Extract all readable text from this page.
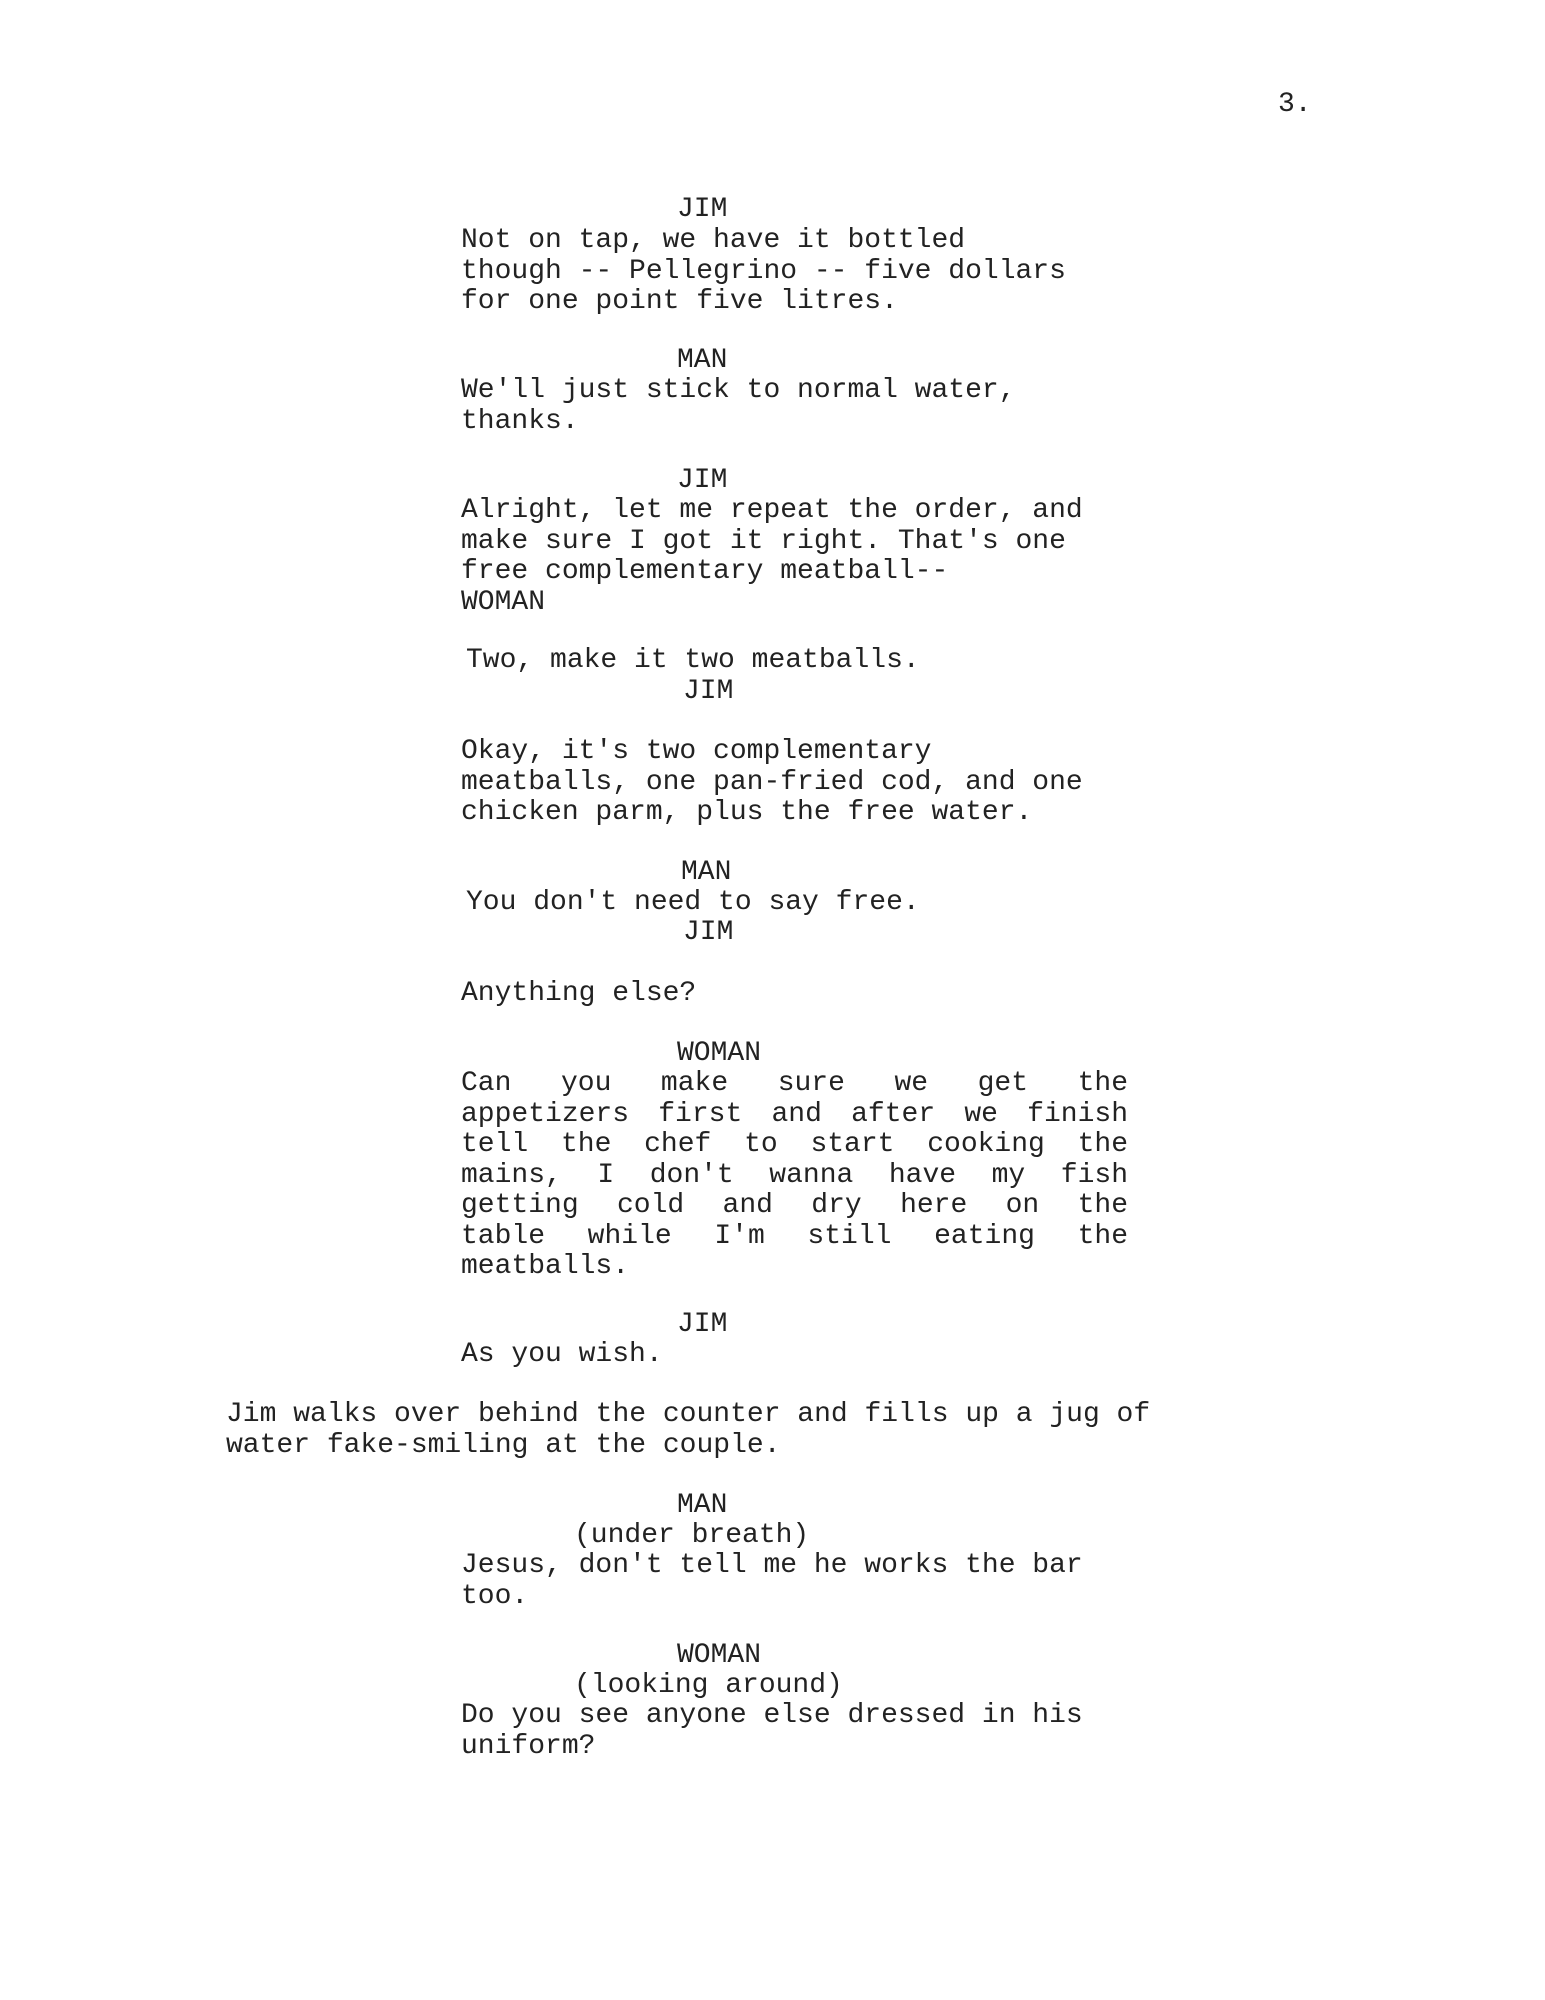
3.
JIM
Not on tap, we have it bottled
though -- Pellegrino -- five dollars
for one point five litres.
MAN
We'll just stick to normal water,
thanks.
JIM
Alright, let me repeat the order, and
make sure I got it right. That's one
free complementary meatball--
WOMAN
Two, make it two meatballs.
JIM
Okay, it's two complementary
meatballs, one pan-fried cod, and one
chicken parm, plus the free water.
MAN
You don't need to say free.
JIM
Anything else?
WOMAN
Can you make sure we get the
appetizers first and after we finish
tell the chef to start cooking the
mains, I don't wanna have my fish
getting cold and dry here on the
table while I'm still eating the
meatballs.
JIM
As you wish.
Jim walks over behind the counter and fills up a jug of
water fake-smiling at the couple.
MAN
(under breath)
Jesus, don't tell me he works the bar
too.
WOMAN
(looking around)
Do you see anyone else dressed in his
uniform?
